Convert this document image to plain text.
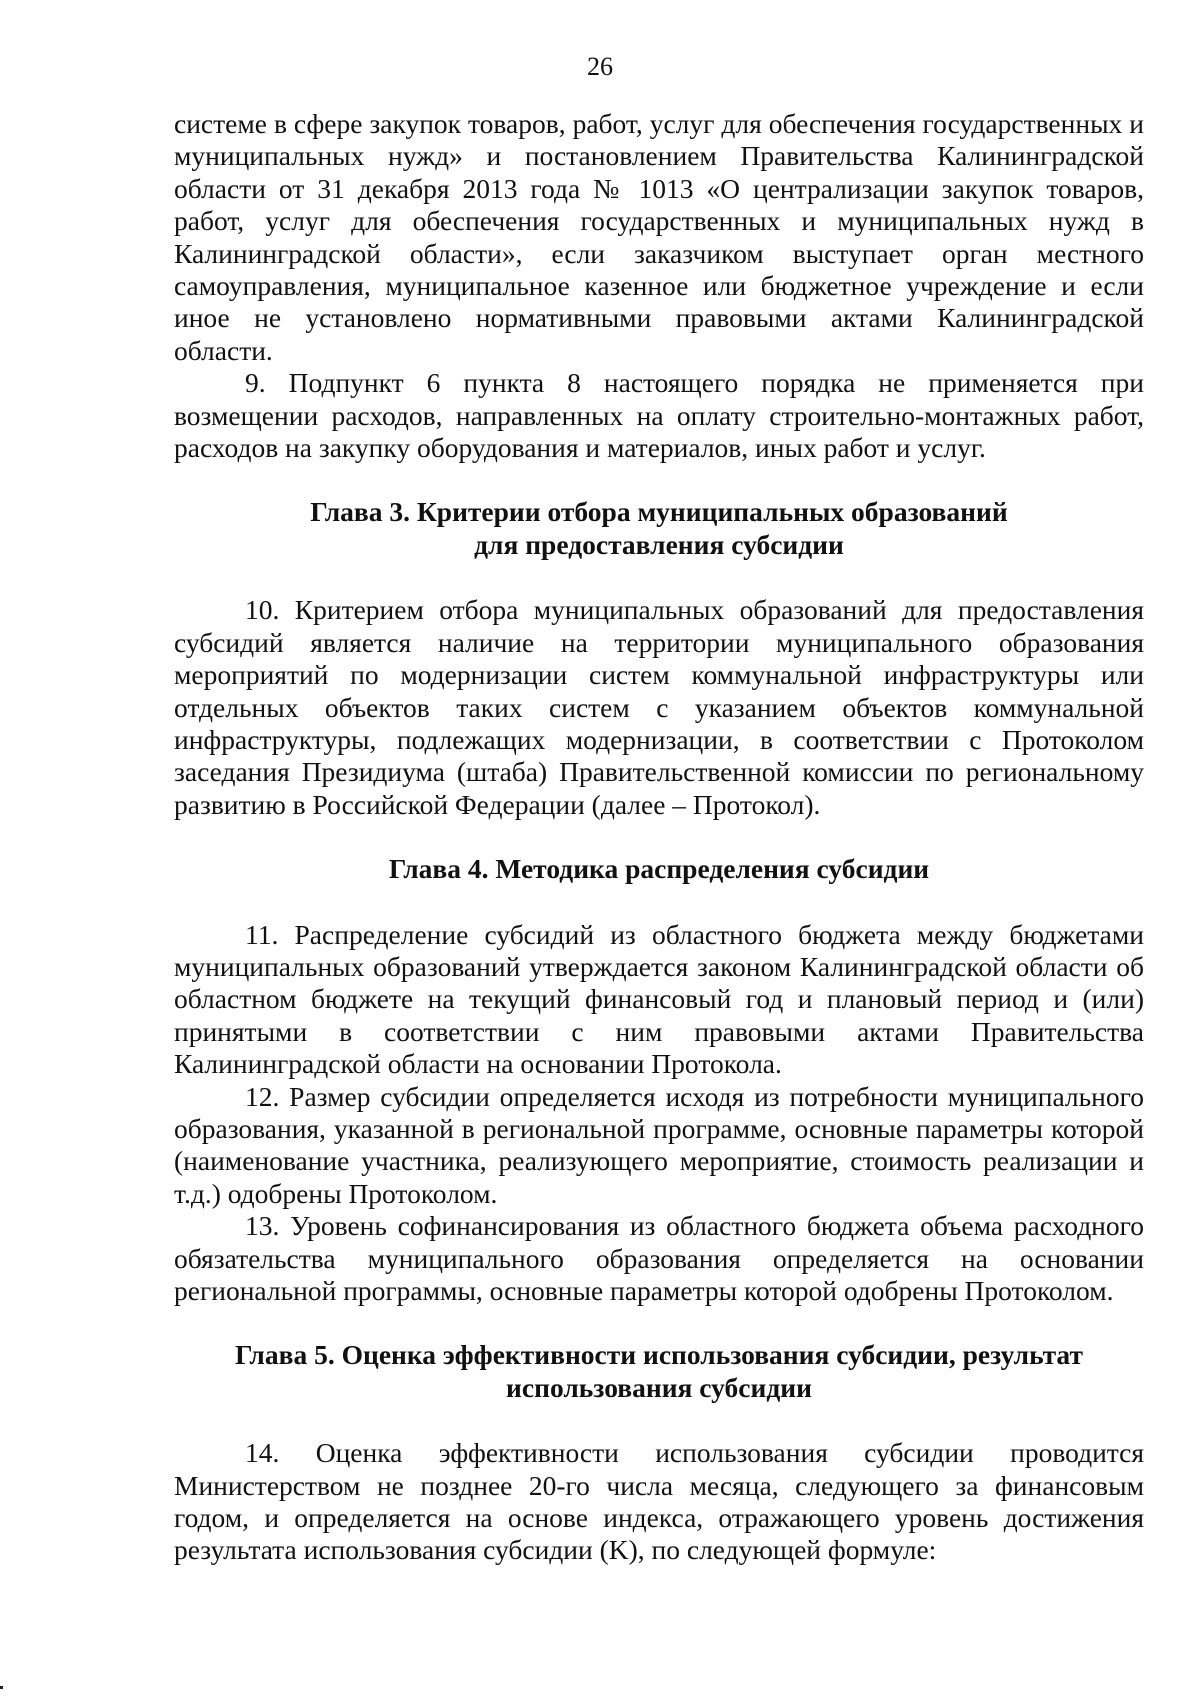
26

системе в сфере закупок товаров, работ, услуг для обеспечения государственных и муниципальных нужд» и постановлением Правительства Калининградской области от 31 декабря 2013 года № 1013 «О централизации закупок товаров, работ, услуг для обеспечения государственных и муниципальных нужд в Калининградской области», если заказчиком выступает орган местного самоуправления, муниципальное казенное или бюджетное учреждение и если иное не установлено нормативными правовыми актами Калининградской области.

9. Подпункт 6 пункта 8 настоящего порядка не применяется при возмещении расходов, направленных на оплату строительно-монтажных работ, расходов на закупку оборудования и материалов, иных работ и услуг.

Глава 3. Критерии отбора муниципальных образований
для предоставления субсидии

10. Критерием отбора муниципальных образований для предоставления субсидий является наличие на территории муниципального образования мероприятий по модернизации систем коммунальной инфраструктуры или отдельных объектов таких систем с указанием объектов коммунальной инфраструктуры, подлежащих модернизации, в соответствии с Протоколом заседания Президиума (штаба) Правительственной комиссии по региональному развитию в Российской Федерации (далее – Протокол).

Глава 4. Методика распределения субсидии

11. Распределение субсидий из областного бюджета между бюджетами муниципальных образований утверждается законом Калининградской области об областном бюджете на текущий финансовый год и плановый период и (или) принятыми в соответствии с ним правовыми актами Правительства Калининградской области на основании Протокола.

12. Размер субсидии определяется исходя из потребности муниципального образования, указанной в региональной программе, основные параметры которой (наименование участника, реализующего мероприятие, стоимость реализации и т.д.) одобрены Протоколом.

13. Уровень софинансирования из областного бюджета объема расходного обязательства муниципального образования определяется на основании региональной программы, основные параметры которой одобрены Протоколом.

Глава 5. Оценка эффективности использования субсидии, результат
использования субсидии

14. Оценка эффективности использования субсидии проводится Министерством не позднее 20-го числа месяца, следующего за финансовым годом, и определяется на основе индекса, отражающего уровень достижения результата использования субсидии (K), по следующей формуле:
